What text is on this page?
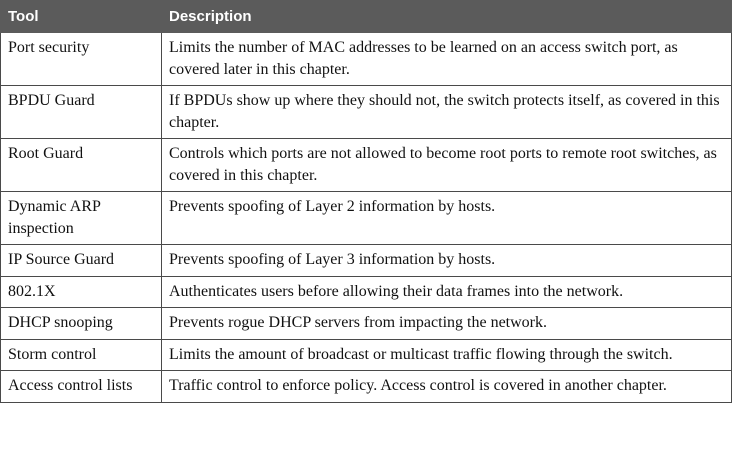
Tool	Description
Port security	Limits the number of MAC addresses to be learned on an access switch port, as covered later in this chapter.
BPDU Guard	If BPDUs show up where they should not, the switch protects itself, as covered in this chapter.
Root Guard	Controls which ports are not allowed to become root ports to remote root switches, as covered in this chapter.
Dynamic ARP inspection	Prevents spoofing of Layer 2 information by hosts.
IP Source Guard	Prevents spoofing of Layer 3 information by hosts.
802.1X	Authenticates users before allowing their data frames into the network.
DHCP snooping	Prevents rogue DHCP servers from impacting the network.
Storm control	Limits the amount of broadcast or multicast traffic flowing through the switch.
Access control lists	Traffic control to enforce policy. Access control is covered in another chapter.
